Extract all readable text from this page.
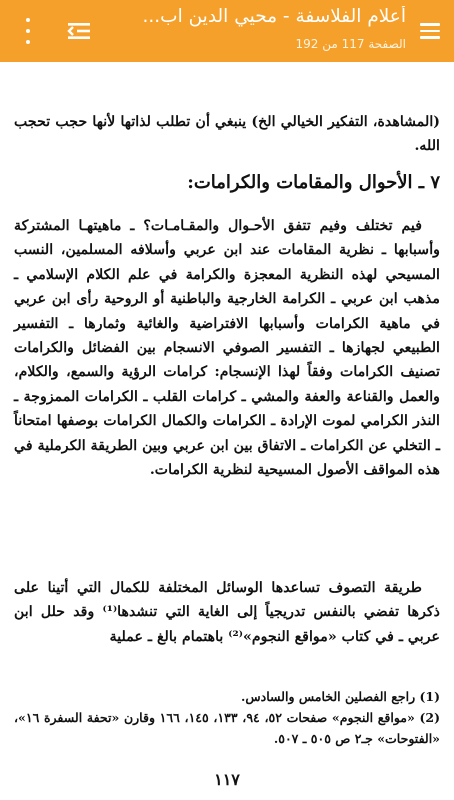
أعلام الفلاسفة - محيي الدين اب...
الصفحة 117 من 192

(المشاهدة، التفكير الخيالي الخ) ينبغي أن تطلب لذاتها لأنها حجب تحجب الله.

٧ ـ الأحوال والمقامات والكرامات:

فيم تختلف وفيم تتفق الأحـوال والمقـامـات؟ ـ ماهيتهـا المشتركة وأسبابها ـ نظرية المقامات عند ابن عربي وأسلافه المسلمين، النسب المسيحي لهذه النظرية المعجزة والكرامة في علم الكلام الإسلامي ـ مذهب ابن عربي ـ الكرامة الخارجية والباطنية أو الروحية رأى ابن عربي في ماهية الكرامات وأسبابها الافتراضية والغائية وثمارها ـ التفسير الطبيعي لجهازها ـ التفسير الصوفي الانسجام بين الفضائل والكرامات تصنيف الكرامات وفقاً لهذا الإنسجام: كرامات الرؤية والسمع، والكلام، والعمل والقناعة والعفة والمشي ـ كرامات القلب ـ الكرامات الممزوجة ـ النذر الكرامي لموت الإرادة ـ الكرامات والكمال الكرامات بوصفها امتحاناً ـ التخلي عن الكرامات ـ الاتفاق بين ابن عربي وبين الطريقة الكرملية في هذه المواقف الأصول المسيحية لنظرية الكرامات.

طريقة التصوف تساعدها الوسائل المختلفة للكمال التي أتينا على ذكرها تفضي بالنفس تدريجياً إلى الغاية التي تنشدها⁽¹⁾ وقد حلل ابن عربي ـ في كتاب «مواقع النجوم»⁽²⁾ باهتمام بالغ ـ عملية

(1) راجع الفصلين الخامس والسادس.

(2) «مواقع النجوم» صفحات ٥٢، ٩٤، ١٣٣، ١٤٥، ١٦٦ وقارن «تحفة السفرة ١٦»، «الفتوحات» جـ٢ ص ٥٠٥ ـ ٥٠٧.

١١٧
